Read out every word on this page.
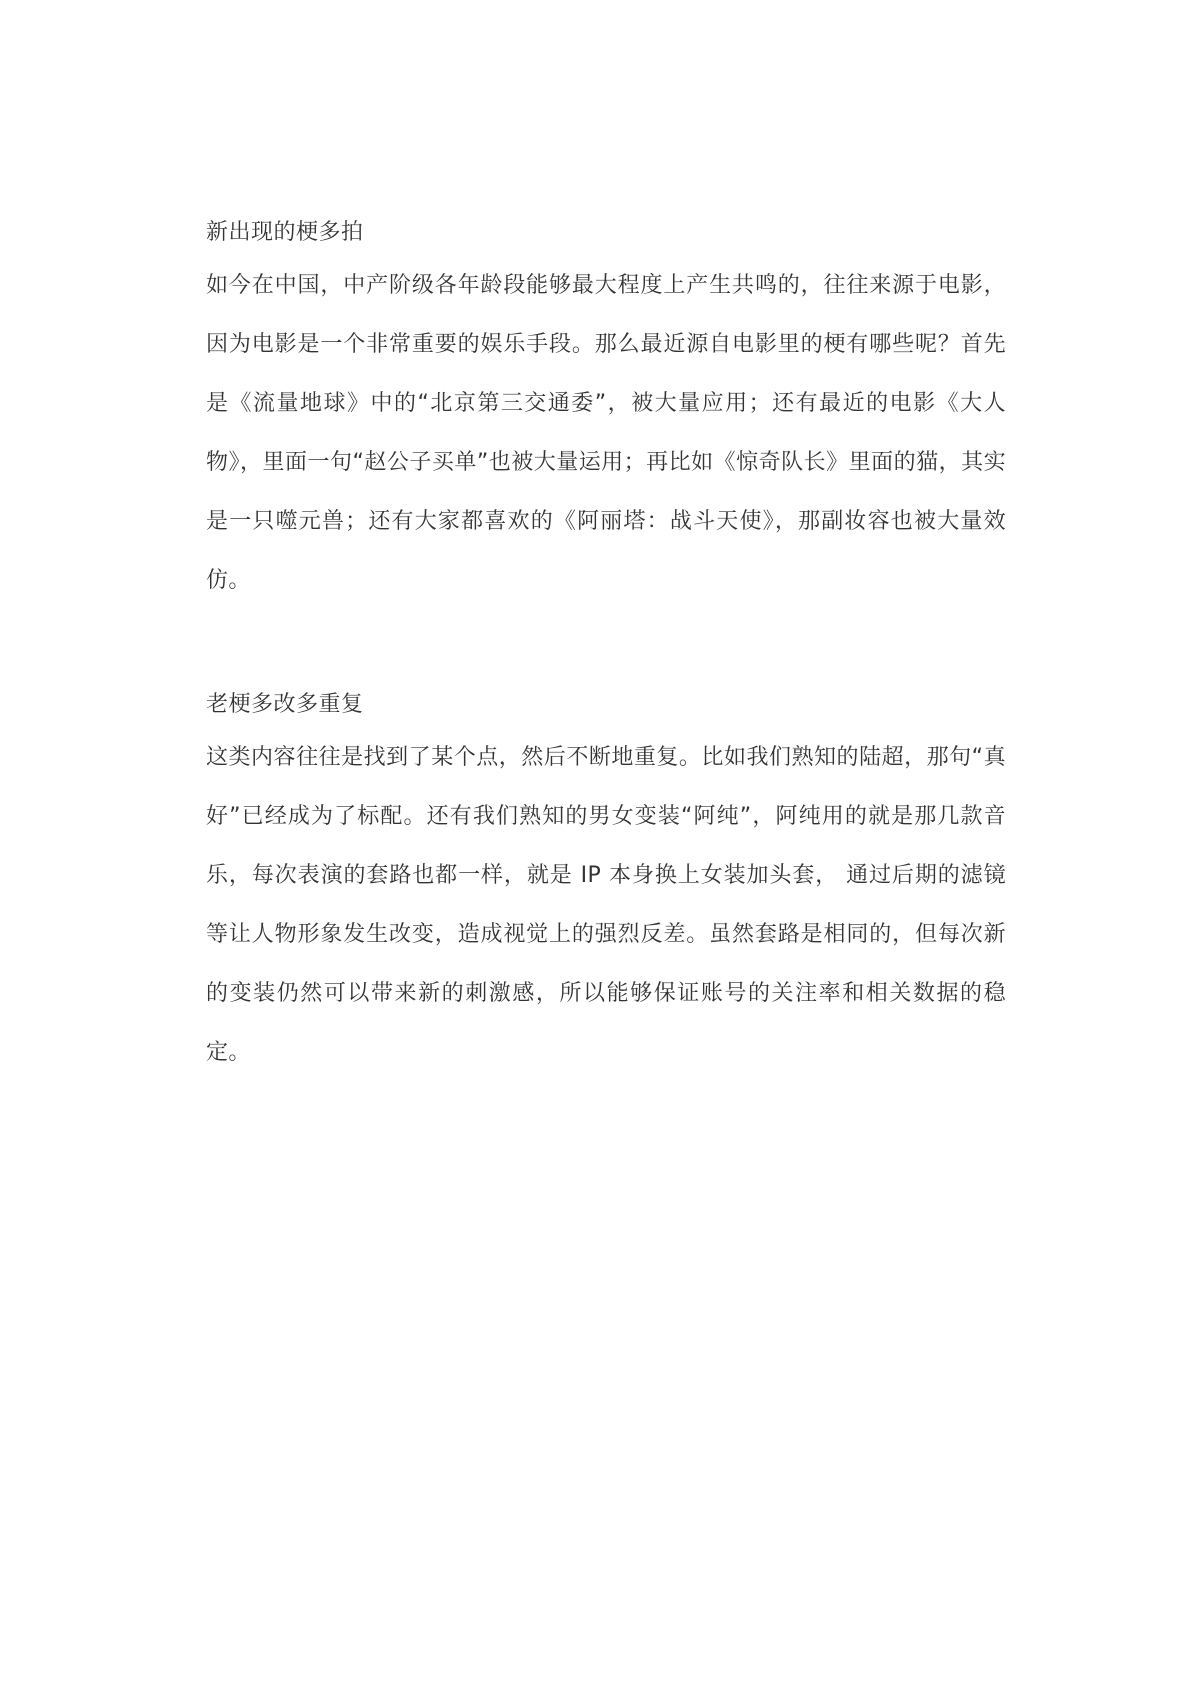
新出现的梗多拍

如今在中国，中产阶级各年龄段能够最大程度上产生共鸣的，往往来源于电影，因为电影是一个非常重要的娱乐手段。那么最近源自电影里的梗有哪些呢？首先是《流量地球》中的“北京第三交通委”，被大量应用；还有最近的电影《大人物》，里面一句“赵公子买单”也被大量运用；再比如《惊奇队长》里面的猫，其实是一只噬元兽；还有大家都喜欢的《阿丽塔：战斗天使》，那副妆容也被大量效仿。

老梗多改多重复

这类内容往往是找到了某个点，然后不断地重复。比如我们熟知的陆超，那句“真好”已经成为了标配。还有我们熟知的男女变装“阿纯”，阿纯用的就是那几款音乐，每次表演的套路也都一样，就是 IP 本身换上女装加头套， 通过后期的滤镜等让人物形象发生改变，造成视觉上的强烈反差。虽然套路是相同的，但每次新的变装仍然可以带来新的刺激感，所以能够保证账号的关注率和相关数据的稳定。
